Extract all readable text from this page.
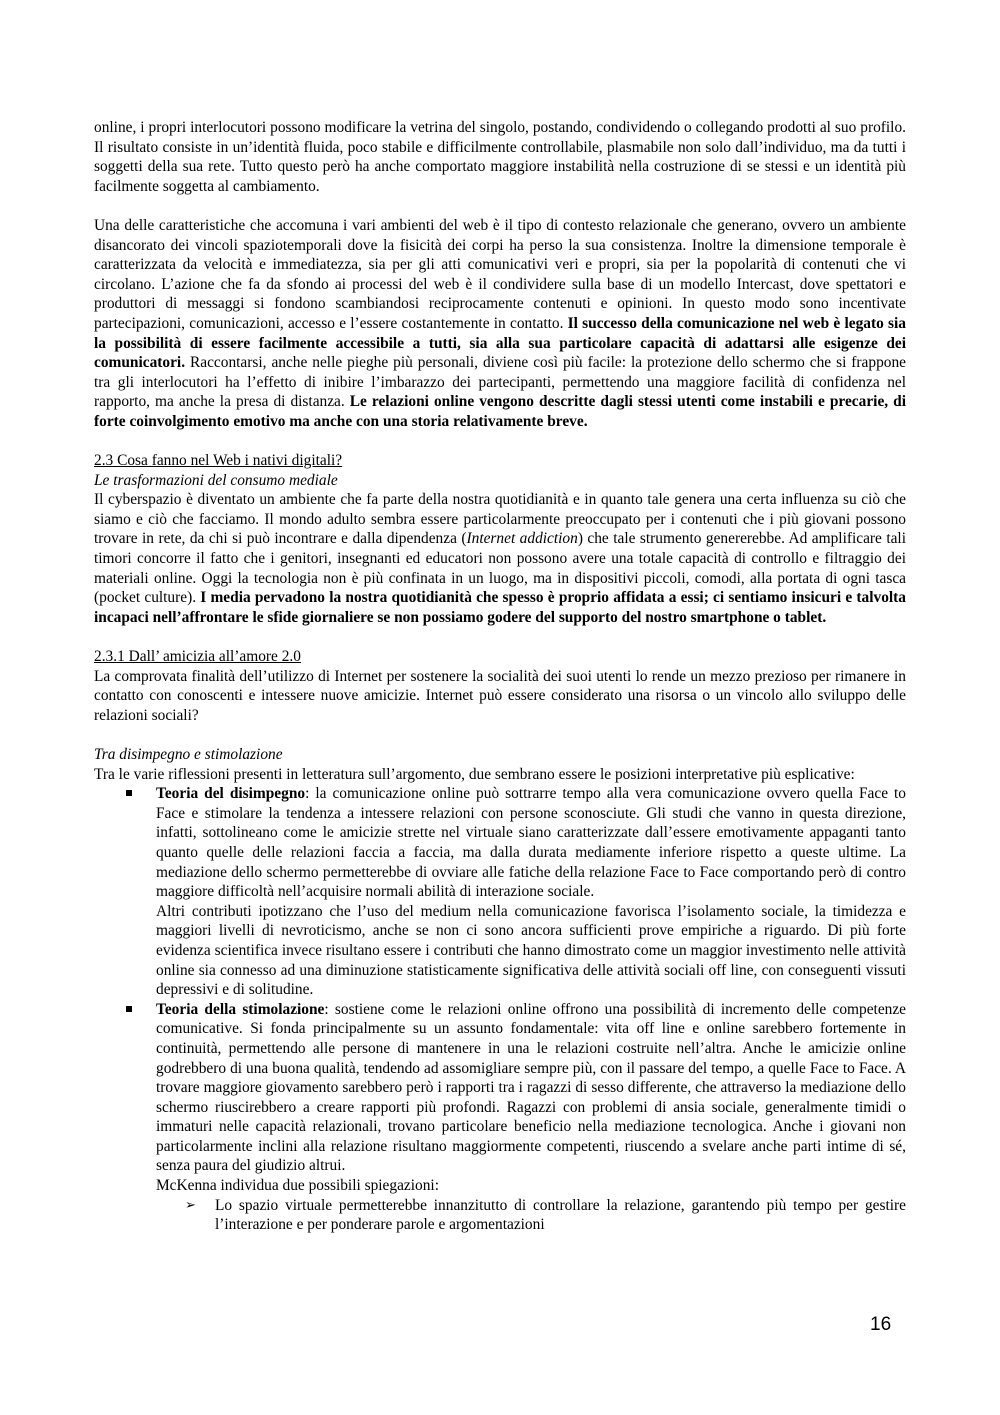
online, i propri interlocutori possono modificare la vetrina del singolo, postando, condividendo o collegando prodotti al suo profilo. Il risultato consiste in un’identità fluida, poco stabile e difficilmente controllabile, plasmabile non solo dall’individuo, ma da tutti i soggetti della sua rete. Tutto questo però ha anche comportato maggiore instabilità nella costruzione di se stessi e un identità più facilmente soggetta al cambiamento.

Una delle caratteristiche che accomuna i vari ambienti del web è il tipo di contesto relazionale che generano, ovvero un ambiente disancorato dei vincoli spaziotemporali dove la fisicità dei corpi ha perso la sua consistenza. Inoltre la dimensione temporale è caratterizzata da velocità e immediatezza, sia per gli atti comunicativi veri e propri, sia per la popolarità di contenuti che vi circolano. L’azione che fa da sfondo ai processi del web è il condividere sulla base di un modello Intercast, dove spettatori e produttori di messaggi si fondono scambiandosi reciprocamente contenuti e opinioni. In questo modo sono incentivate partecipazioni, comunicazioni, accesso e l’essere costantemente in contatto. Il successo della comunicazione nel web è legato sia la possibilità di essere facilmente accessibile a tutti, sia alla sua particolare capacità di adattarsi alle esigenze dei comunicatori. Raccontarsi, anche nelle pieghe più personali, diviene così più facile: la protezione dello schermo che si frappone tra gli interlocutori ha l’effetto di inibire l’imbarazzo dei partecipanti, permettendo una maggiore facilità di confidenza nel rapporto, ma anche la presa di distanza. Le relazioni online vengono descritte dagli stessi utenti come instabili e precarie, di forte coinvolgimento emotivo ma anche con una storia relativamente breve.

2.3 Cosa fanno nel Web i nativi digitali?

Le trasformazioni del consumo mediale

Il cyberspazio è diventato un ambiente che fa parte della nostra quotidianità e in quanto tale genera una certa influenza su ciò che siamo e ciò che facciamo. Il mondo adulto sembra essere particolarmente preoccupato per i contenuti che i più giovani possono trovare in rete, da chi si può incontrare e dalla dipendenza (Internet addiction) che tale strumento genererebbe. Ad amplificare tali timori concorre il fatto che i genitori, insegnanti ed educatori non possono avere una totale capacità di controllo e filtraggio dei materiali online. Oggi la tecnologia non è più confinata in un luogo, ma in dispositivi piccoli, comodi, alla portata di ogni tasca (pocket culture). I media pervadono la nostra quotidianità che spesso è proprio affidata a essi; ci sentiamo insicuri e talvolta incapaci nell’affrontare le sfide giornaliere se non possiamo godere del supporto del nostro smartphone o tablet.

2.3.1 Dall’ amicizia all’amore 2.0

La comprovata finalità dell’utilizzo di Internet per sostenere la socialità dei suoi utenti lo rende un mezzo prezioso per rimanere in contatto con conoscenti e intessere nuove amicizie. Internet può essere considerato una risorsa o un vincolo allo sviluppo delle relazioni sociali?

Tra disimpegno e stimolazione

Tra le varie riflessioni presenti in letteratura sull’argomento, due sembrano essere le posizioni interpretative più esplicative:

Teoria del disimpegno: la comunicazione online può sottrarre tempo alla vera comunicazione ovvero quella Face to Face e stimolare la tendenza a intessere relazioni con persone sconosciute. Gli studi che vanno in questa direzione, infatti, sottolineano come le amicizie strette nel virtuale siano caratterizzate dall’essere emotivamente appaganti tanto quanto quelle delle relazioni faccia a faccia, ma dalla durata mediamente inferiore rispetto a queste ultime. La mediazione dello schermo permetterebbe di ovviare alle fatiche della relazione Face to Face comportando però di contro maggiore difficoltà nell’acquisire normali abilità di interazione sociale.

Altri contributi ipotizzano che l’uso del medium nella comunicazione favorisca l’isolamento sociale, la timidezza e maggiori livelli di nevroticismo, anche se non ci sono ancora sufficienti prove empiriche a riguardo. Di più forte evidenza scientifica invece risultano essere i contributi che hanno dimostrato come un maggior investimento nelle attività online sia connesso ad una diminuzione statisticamente significativa delle attività sociali off line, con conseguenti vissuti depressivi e di solitudine.

Teoria della stimolazione: sostiene come le relazioni online offrono una possibilità di incremento delle competenze comunicative. Si fonda principalmente su un assunto fondamentale: vita off line e online sarebbero fortemente in continuità, permettendo alle persone di mantenere in una le relazioni costruite nell’altra. Anche le amicizie online godrebbero di una buona qualità, tendendo ad assomigliare sempre più, con il passare del tempo, a quelle Face to Face. A trovare maggiore giovamento sarebbero però i rapporti tra i ragazzi di sesso differente, che attraverso la mediazione dello schermo riuscirebbero a creare rapporti più profondi. Ragazzi con problemi di ansia sociale, generalmente timidi o immaturi nelle capacità relazionali, trovano particolare beneficio nella mediazione tecnologica. Anche i giovani non particolarmente inclini alla relazione risultano maggiormente competenti, riuscendo a svelare anche parti intime di sé, senza paura del giudizio altrui.

McKenna individua due possibili spiegazioni:

➢ Lo spazio virtuale permetterebbe innanzitutto di controllare la relazione, garantendo più tempo per gestire l’interazione e per ponderare parole e argomentazioni
16
